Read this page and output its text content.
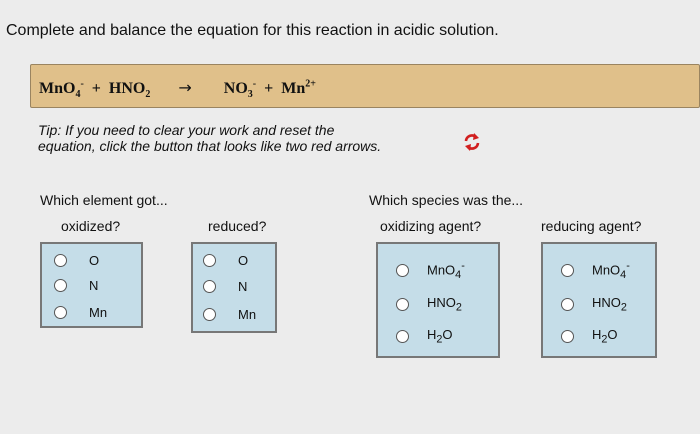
Complete and balance the equation for this reaction in acidic solution.
$MnO_4^- + HNO_2 \to NO_3^- + Mn^{2+}$
Tip: If you need to clear your work and reset the
equation, click the button that looks like two red arrows.
Which element got...
oxidized?	reduced?
O
N
Mn
O
N
Mn
Which species was the...
oxidizing agent?	reducing agent?
MnO$_4$-
$HNO_2$
$H_2O$
MnO$_4$-
$HNO_2$
$H_2O$
